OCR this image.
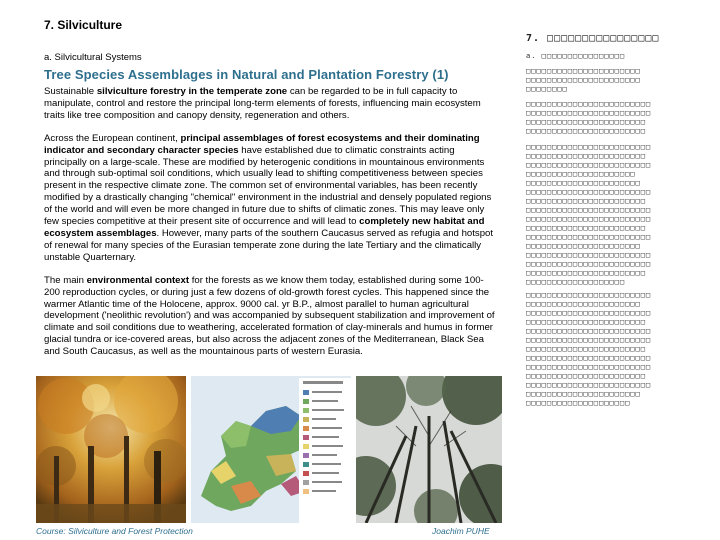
7. Silviculture
a. Silvicultural Systems
Tree Species Assemblages in Natural and Plantation Forestry (1)

Sustainable silviculture forestry in the temperate zone can be regarded to be in full capacity to manipulate, control and restore the principal long-term elements of forests, influencing main ecosystem traits like tree composition and canopy density, regeneration and others.

Across the European continent, principal assemblages of forest ecosystems and their dominating indicator and secondary character species have established due to climatic constraints acting principally on a large-scale. These are modified by heterogenic conditions in mountainous environments and through sub-optimal soil conditions, which usually lead to shifting competitiveness between species present in the respective climate zone. The common set of environmental variables, has been recently modified by a drastically changing "chemical" environment in the industrial and densely populated regions of the world and will even be more changed in future due to shifts of climatic zones. This may leave only few species competitive at their present site of occurrence and will lead to completely new habitat and ecosystem assemblages. However, many parts of the southern Caucasus served as refugia and hotspot of renewal for many species of the Eurasian temperate zone during the late Tertiary and the climatically unstable Quarternary.

The main environmental context for the forests as we know them today, established during some 100-200 reproduction cycles, or during just a few dozens of old-growth forest cycles. This happened since the warmer Atlantic time of the Holocene, approx. 9000 cal. yr B.P., almost parallel to human agricultural development ('neolithic revolution') and was accompanied by subsequent stabilization and improvement of climate and soil conditions due to weathering, accelerated formation of clay-minerals and humus in former glacial tundra or ice-covered areas, but also across the adjacent zones of the Mediterranean, Black Sea and South Caucasus, as well as the mountainous parts of western Eurasia.

Course: Silviculture and Forest Protection	Joachim PUHE
7. □□□□□□□□□□□□□□□□
a. □□□□□□□□□□□□□□□□
□□□□□□□□□□□□□□□□□□□□□□
□□□□□□□□□□□□□□□□□□□□□□
□□□□□□□□
□□□□□□□□□□□□□□□□□□□□□□□□
□□□□□□□□□□□□□□□□□□□□□□□□
□□□□□□□□□□□□□□□□□□□□□□□
□□□□□□□□□□□□□□□□□□□□□□□
□□□□□□□□□□□□□□□□□□□□□□□□
□□□□□□□□□□□□□□□□□□□□□□□
□□□□□□□□□□□□□□□□□□□□□□□□
□□□□□□□□□□□□□□□□□□□□□
□□□□□□□□□□□□□□□□□□□□□□
□□□□□□□□□□□□□□□□□□□□□□□□
□□□□□□□□□□□□□□□□□□□□□□□
□□□□□□□□□□□□□□□□□□□□□□□□
□□□□□□□□□□□□□□□□□□□□□□□□
□□□□□□□□□□□□□□□□□□□□□□□
□□□□□□□□□□□□□□□□□□□□□□□□
□□□□□□□□□□□□□□□□□□□□□□
□□□□□□□□□□□□□□□□□□□□□□□□
□□□□□□□□□□□□□□□□□□□□□□□□
□□□□□□□□□□□□□□□□□□□□□□□
□□□□□□□□□□□□□□□□□□□
□□□□□□□□□□□□□□□□□□□□□□□□
□□□□□□□□□□□□□□□□□□□□□□
□□□□□□□□□□□□□□□□□□□□□□□□
□□□□□□□□□□□□□□□□□□□□□□□
□□□□□□□□□□□□□□□□□□□□□□□□
□□□□□□□□□□□□□□□□□□□□□□□□
□□□□□□□□□□□□□□□□□□□□□□□
□□□□□□□□□□□□□□□□□□□□□□□□
□□□□□□□□□□□□□□□□□□□□□□□□
□□□□□□□□□□□□□□□□□□□□□□□
□□□□□□□□□□□□□□□□□□□□□□□□
□□□□□□□□□□□□□□□□□□□□□□
□□□□□□□□□□□□□□□□□□□□
